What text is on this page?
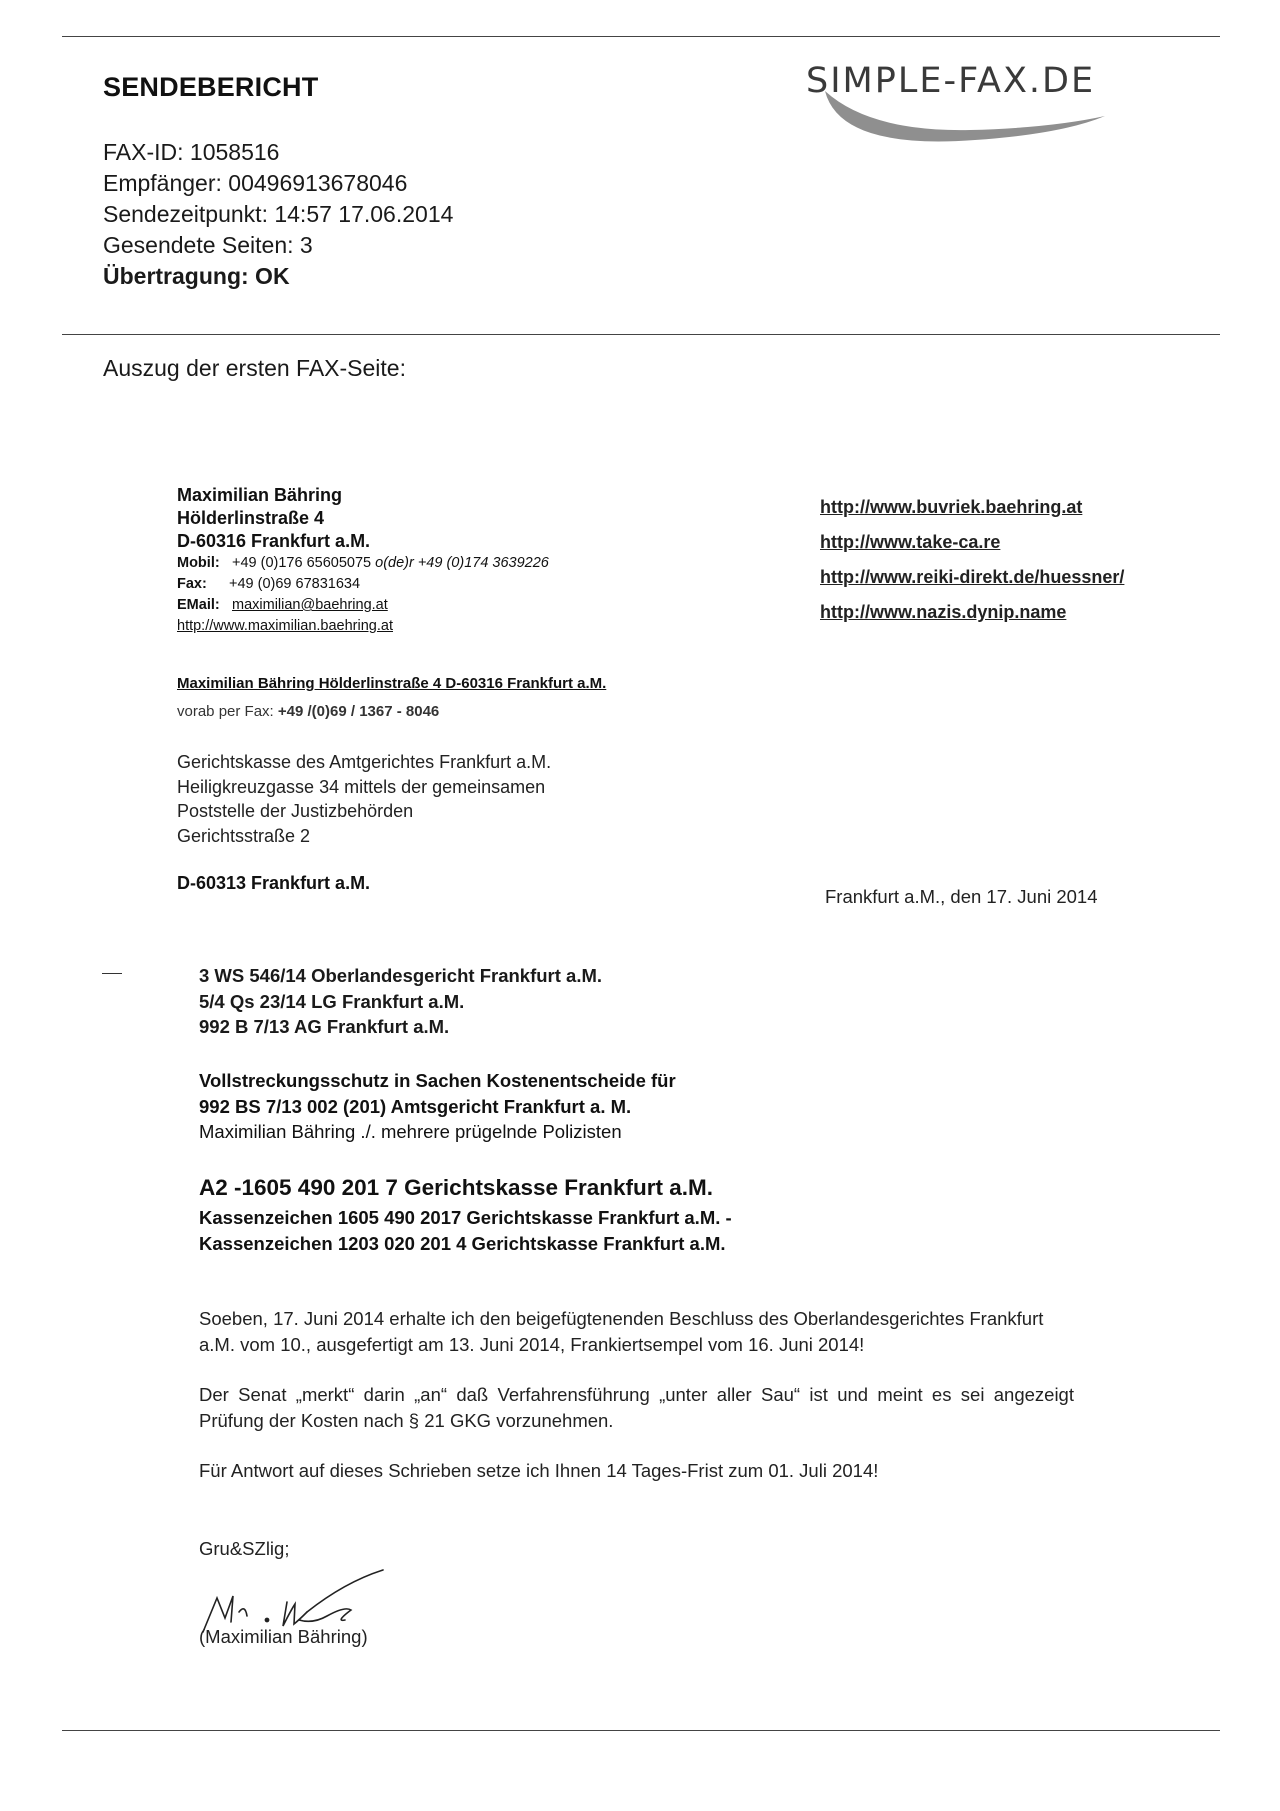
SENDEBERICHT
FAX-ID: 1058516
Empfänger: 00496913678046
Sendezeitpunkt: 14:57 17.06.2014
Gesendete Seiten: 3
Übertragung: OK
SIMPLE-FAX.DE
Auszug der ersten FAX-Seite:
Maximilian Bähring
Hölderlinstraße 4
D-60316 Frankfurt a.M.
Mobil: +49 (0)176 65605075 o(de)r +49 (0)174 3639226
Fax: +49 (0)69 67831634
EMail: maximilian@baehring.at
http://www.maximilian.baehring.at
http://www.buvriek.baehring.at
http://www.take-ca.re
http://www.reiki-direkt.de/huessner/
http://www.nazis.dynip.name
Maximilian Bähring Hölderlinstraße 4 D-60316 Frankfurt a.M.
vorab per Fax: +49 /(0)69 / 1367 - 8046
Gerichtskasse des Amtgerichtes Frankfurt a.M.
Heiligkreuzgasse 34 mittels der gemeinsamen
Poststelle der Justizbehörden
Gerichtsstraße 2
D-60313 Frankfurt a.M.
Frankfurt a.M., den 17. Juni 2014
3 WS 546/14 Oberlandesgericht Frankfurt a.M.
5/4 Qs 23/14 LG Frankfurt a.M.
992 B 7/13 AG Frankfurt a.M.
Vollstreckungsschutz in Sachen Kostenentscheide für
992 BS 7/13 002 (201) Amtsgericht Frankfurt a. M.
Maximilian Bähring ./. mehrere prügelnde Polizisten
A2 -1605 490 201 7 Gerichtskasse Frankfurt a.M.
Kassenzeichen 1605 490 2017 Gerichtskasse Frankfurt a.M. -
Kassenzeichen 1203 020 201 4 Gerichtskasse Frankfurt a.M.

Soeben, 17. Juni 2014 erhalte ich den beigefügtenenden Beschluss des Oberlandesgerichtes Frankfurt a.M. vom 10., ausgefertigt am 13. Juni 2014, Frankiertsempel vom 16. Juni 2014!

Der Senat „merkt“ darin „an“ daß Verfahrensführung „unter aller Sau“ ist und meint es sei angezeigt Prüfung der Kosten nach § 21 GKG vorzunehmen.

Für Antwort auf dieses Schrieben setze ich Ihnen 14 Tages-Frist zum 01. Juli 2014!

Gru&SZlig;
(Maximilian Bähring)
